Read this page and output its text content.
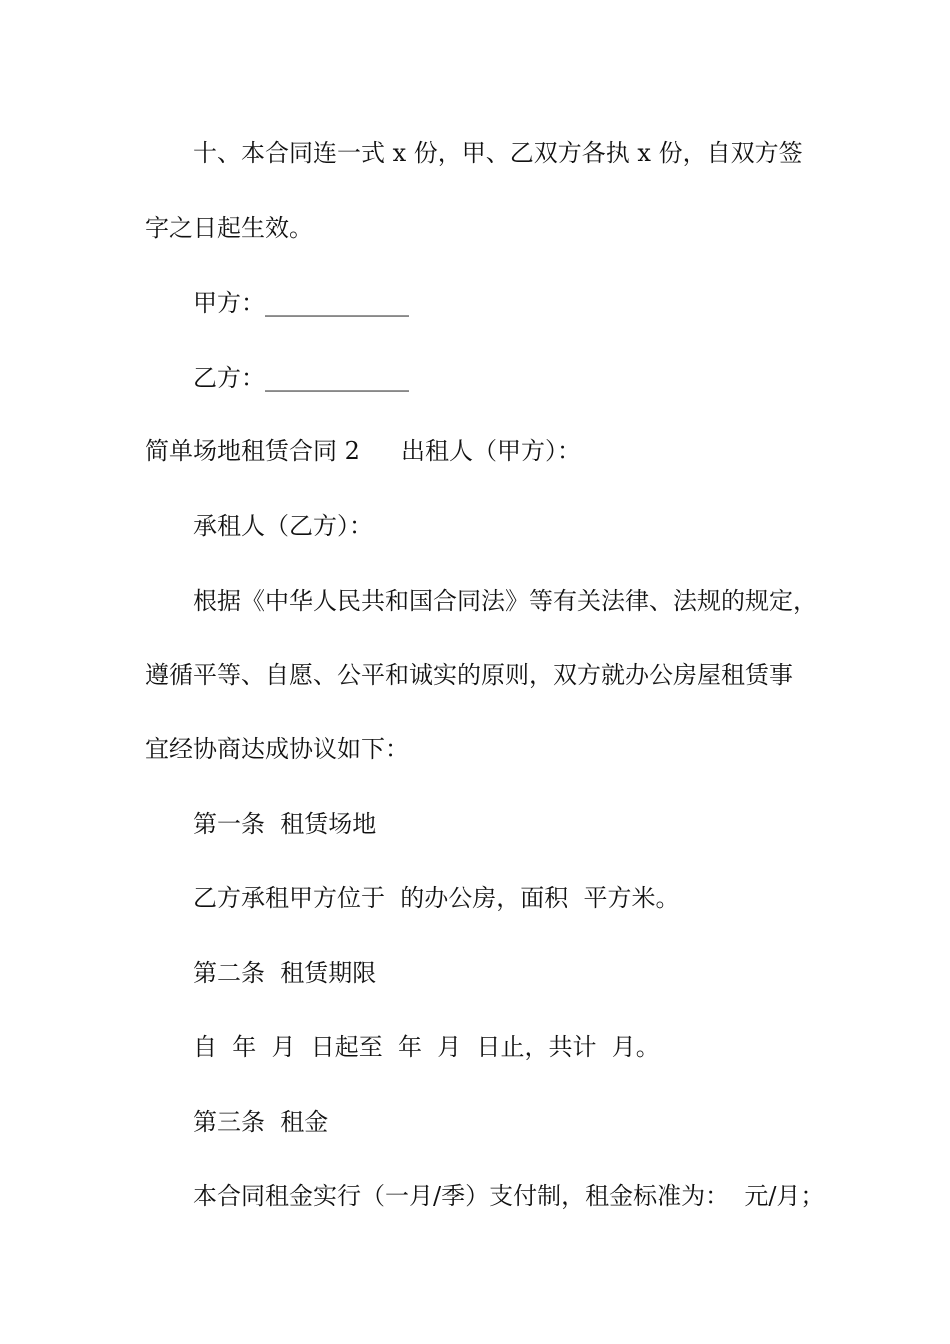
十、本合同连一式 x 份，甲、乙双方各执 x 份，自双方签
字之日起生效。
甲方：____________
乙方：____________
简单场地租赁合同 2 出租人（甲方）：
承租人（乙方）：
根据《中华人民共和国合同法》等有关法律、法规的规定，
遵循平等、自愿、公平和诚实的原则，双方就办公房屋租赁事
宜经协商达成协议如下：
第一条  租赁场地
乙方承租甲方位于  的办公房，面积  平方米。
第二条  租赁期限
自  年  月  日起至  年  月  日止，共计  月。
第三条  租金
本合同租金实行（一月/季）支付制，租金标准为：  元/月；
